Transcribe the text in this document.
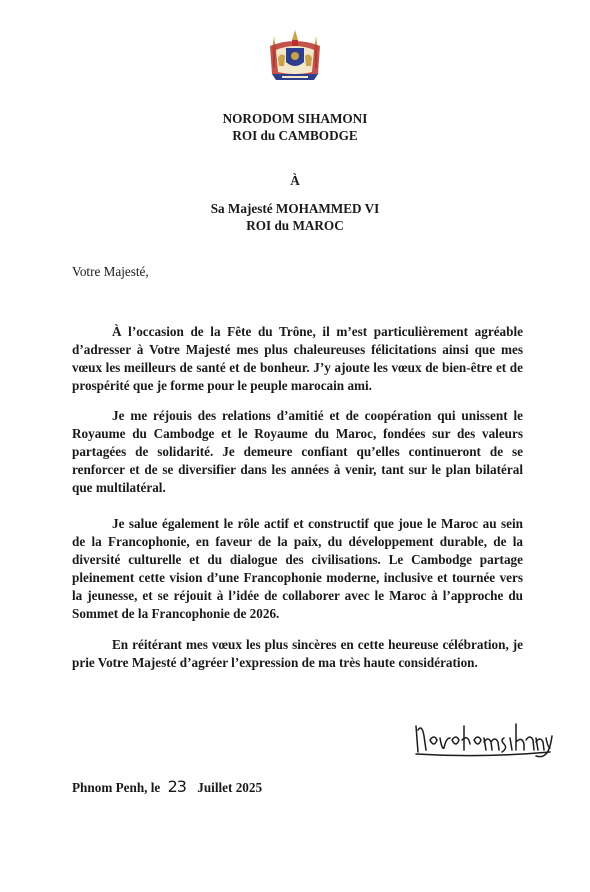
NORODOM SIHAMONI
ROI du CAMBODGE
À
Sa Majesté MOHAMMED VI
ROI du MAROC
Votre Majesté,

À l’occasion de la Fête du Trône, il m’est particulièrement agréable d’adresser à Votre Majesté mes plus chaleureuses félicitations ainsi que mes vœux les meilleurs de santé et de bonheur. J’y ajoute les vœux de bien-être et de prospérité que je forme pour le peuple marocain ami.

Je me réjouis des relations d’amitié et de coopération qui unissent le Royaume du Cambodge et le Royaume du Maroc, fondées sur des valeurs partagées de solidarité. Je demeure confiant qu’elles continueront de se renforcer et de se diversifier dans les années à venir, tant sur le plan bilatéral que multilatéral.

Je salue également le rôle actif et constructif que joue le Maroc au sein de la Francophonie, en faveur de la paix, du développement durable, de la diversité culturelle et du dialogue des civilisations. Le Cambodge partage pleinement cette vision d’une Francophonie moderne, inclusive et tournée vers la jeunesse, et se réjouit à l’idée de collaborer avec le Maroc à l’approche du Sommet de la Francophonie de 2026.

En réitérant mes vœux les plus sincères en cette heureuse célébration, je prie Votre Majesté d’agréer l’expression de ma très haute considération.

Phnom Penh, le 23 Juillet 2025
